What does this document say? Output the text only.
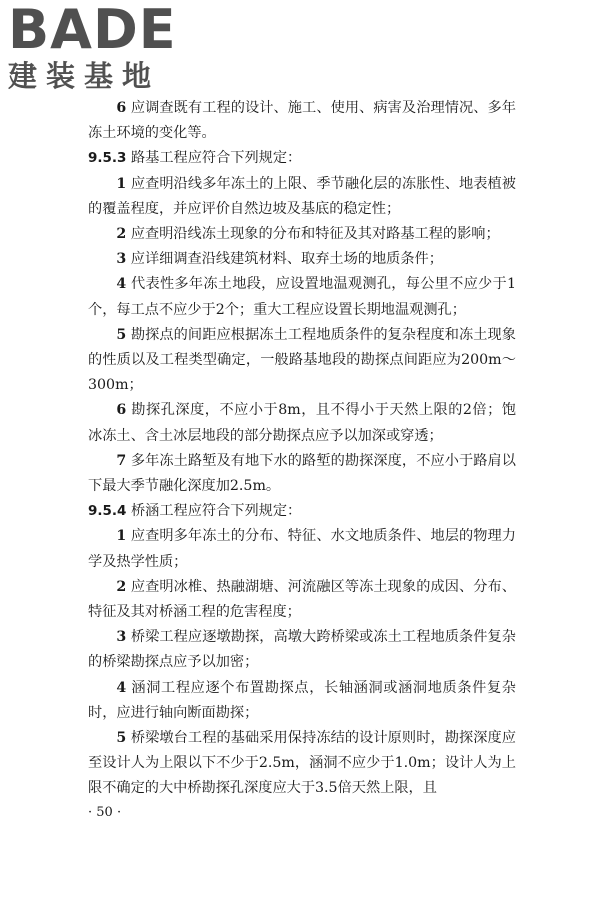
BADE
建装基地

6 应调查既有工程的设计、施工、使用、病害及治理情况、多年冻土环境的变化等。

9.5.3 路基工程应符合下列规定：

1 应查明沿线多年冻土的上限、季节融化层的冻胀性、地表植被的覆盖程度，并应评价自然边坡及基底的稳定性；

2 应查明沿线冻土现象的分布和特征及其对路基工程的影响；

3 应详细调查沿线建筑材料、取弃土场的地质条件；

4 代表性多年冻土地段，应设置地温观测孔，每公里不应少于1个，每工点不应少于2个；重大工程应设置长期地温观测孔；

5 勘探点的间距应根据冻土工程地质条件的复杂程度和冻土现象的性质以及工程类型确定，一般路基地段的勘探点间距应为200m～300m；

6 勘探孔深度，不应小于8m，且不得小于天然上限的2倍；饱冰冻土、含土冰层地段的部分勘探点应予以加深或穿透；

7 多年冻土路堑及有地下水的路堑的勘探深度，不应小于路肩以下最大季节融化深度加2.5m。

9.5.4 桥涵工程应符合下列规定：

1 应查明多年冻土的分布、特征、水文地质条件、地层的物理力学及热学性质；

2 应查明冰椎、热融湖塘、河流融区等冻土现象的成因、分布、特征及其对桥涵工程的危害程度；

3 桥梁工程应逐墩勘探，高墩大跨桥梁或冻土工程地质条件复杂的桥梁勘探点应予以加密；

4 涵洞工程应逐个布置勘探点，长轴涵洞或涵洞地质条件复杂时，应进行轴向断面勘探；

5 桥梁墩台工程的基础采用保持冻结的设计原则时，勘探深度应至设计人为上限以下不少于2.5m，涵洞不应少于1.0m；设计人为上限不确定的大中桥勘探孔深度应大于3.5倍天然上限，且

· 50 ·
